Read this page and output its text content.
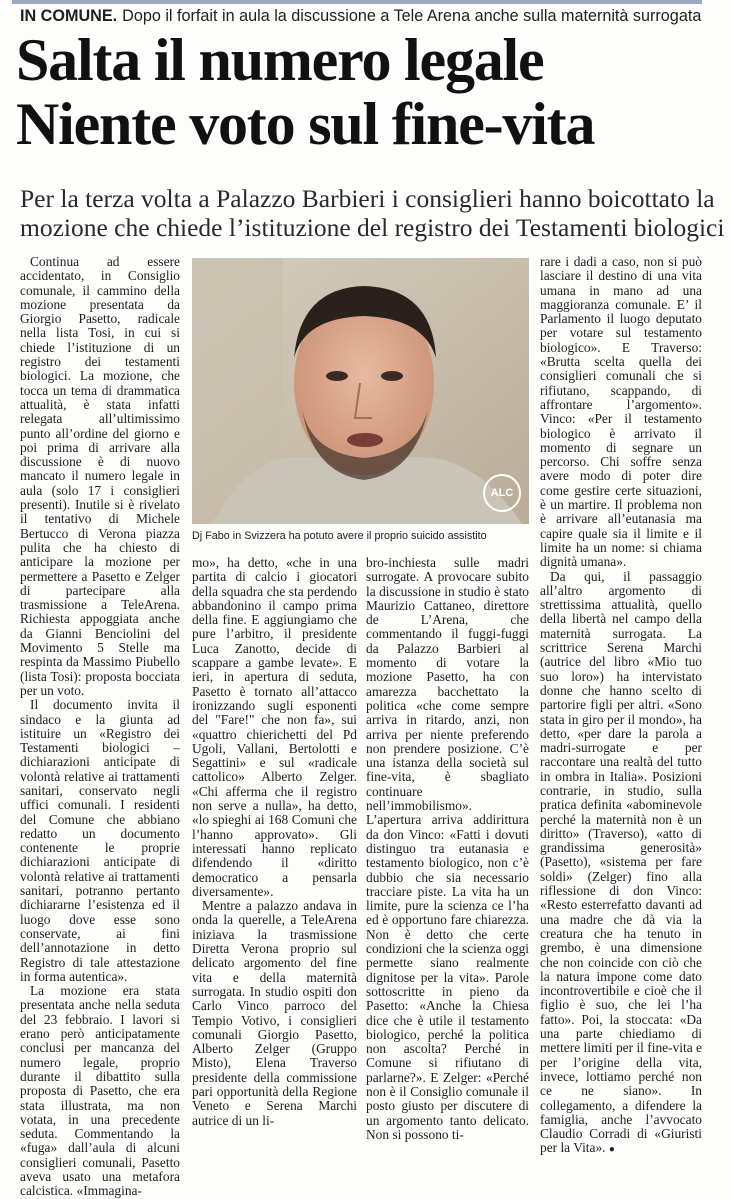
IN COMUNE. Dopo il forfait in aula la discussione a Tele Arena anche sulla maternità surrogata
Salta il numero legale
Niente voto sul fine-vita
Per la terza volta a Palazzo Barbieri i consiglieri hanno boicottato la
mozione che chiede l’istituzione del registro dei Testamenti biologici

Continua ad essere accidentato, in Consiglio comunale, il cammino della mozione presentata da Giorgio Pasetto, radicale nella lista Tosi, in cui si chiede l’istituzione di un registro dei testamenti biologici. La mozione, che tocca un tema di drammatica attualità, è stata infatti relegata all’ultimissimo punto all’ordine del giorno e poi prima di arrivare alla discussione è di nuovo mancato il numero legale in aula (solo 17 i consiglieri presenti). Inutile si è rivelato il tentativo di Michele Bertucco di Verona piazza pulita che ha chiesto di anticipare la mozione per permettere a Pasetto e Zelger di partecipare alla trasmissione a TeleArena. Richiesta appoggiata anche da Gianni Benciolini del Movimento 5 Stelle ma respinta da Massimo Piubello (lista Tosi): proposta bocciata per un voto.

Il documento invita il sindaco e la giunta ad istituire un «Registro dei Testamenti biologici – dichiarazioni anticipate di volontà relative ai trattamenti sanitari, conservato negli uffici comunali. I residenti del Comune che abbiano redatto un documento contenente le proprie dichiarazioni anticipate di volontà relative ai trattamenti sanitari, potranno pertanto dichiararne l’esistenza ed il luogo dove esse sono conservate, ai fini dell’annotazione in detto Registro di tale attestazione in forma autentica».

La mozione era stata presentata anche nella seduta del 23 febbraio. I lavori si erano però anticipatamente conclusi per mancanza del numero legale, proprio durante il dibattito sulla proposta di Pasetto, che era stata illustrata, ma non votata, in una precedente seduta. Commentando la «fuga» dall’aula di alcuni consiglieri comunali, Pasetto aveva usato una metafora calcistica. «Immagina-

ALC
Dj Fabo in Svizzera ha potuto avere il proprio suicido assistito

mo», ha detto, «che in una partita di calcio i giocatori della squadra che sta perdendo abbandonino il campo prima della fine. E aggiungiamo che pure l’arbitro, il presidente Luca Zanotto, decide di scappare a gambe levate». E ieri, in apertura di seduta, Pasetto è tornato all’attacco ironizzando sugli esponenti del "Fare!" che non fa», sui «quattro chierichetti del Pd Ugoli, Vallani, Bertolotti e Segattini» e sul «radicale cattolico» Alberto Zelger. «Chi afferma che il registro non serve a nulla», ha detto, «lo spieghi ai 168 Comuni che l’hanno approvato». Gli interessati hanno replicato difendendo il «diritto democratico a pensarla diversamente».

Mentre a palazzo andava in onda la querelle, a TeleArena iniziava la trasmissione Diretta Verona proprio sul delicato argomento del fine vita e della maternità surrogata. In studio ospiti don Carlo Vinco parroco del Tempio Votivo, i consiglieri comunali Giorgio Pasetto, Alberto Zelger (Gruppo Misto), Elena Traverso presidente della commissione pari opportunità della Regione Veneto e Serena Marchi autrice di un li-

bro-inchiesta sulle madri surrogate. A provocare subito la discussione in studio è stato Maurizio Cattaneo, direttore de L’Arena, che commentando il fuggi-fuggi da Palazzo Barbieri al momento di votare la mozione Pasetto, ha con amarezza bacchettato la politica «che come sempre arriva in ritardo, anzi, non arriva per niente preferendo non prendere posizione. C’è una istanza della società sul fine-vita, è sbagliato continuare nell’immobilismo». L’apertura arriva addirittura da don Vinco: «Fatti i dovuti distinguo tra eutanasia e testamento biologico, non c’è dubbio che sia necessario tracciare piste. La vita ha un limite, pure la scienza ce l’ha ed è opportuno fare chiarezza. Non è detto che certe condizioni che la scienza oggi permette siano realmente dignitose per la vita». Parole sottoscritte in pieno da Pasetto: «Anche la Chiesa dice che è utile il testamento biologico, perché la politica non ascolta? Perché in Comune si rifiutano di parlarne?». E Zelger: «Perché non è il Consiglio comunale il posto giusto per discutere di un argomento tanto delicato. Non si possono ti-

rare i dadi a caso, non si può lasciare il destino di una vita umana in mano ad una maggioranza comunale. E’ il Parlamento il luogo deputato per votare sul testamento biologico». E Traverso: «Brutta scelta quella dei consiglieri comunali che si rifiutano, scappando, di affrontare l’argomento». Vinco: «Per il testamento biologico è arrivato il momento di segnare un percorso. Chi soffre senza avere modo di poter dire come gestire certe situazioni, è un martire. Il problema non è arrivare all’eutanasia ma capire quale sia il limite e il limite ha un nome: si chiama dignità umana».

Da qui, il passaggio all’altro argomento di strettissima attualità, quello della libertà nel campo della maternità surrogata. La scrittrice Serena Marchi (autrice del libro «Mio tuo suo loro») ha intervistato donne che hanno scelto di partorire figli per altri. «Sono stata in giro per il mondo», ha detto, «per dare la parola a madri-surrogate e per raccontare una realtà del tutto in ombra in Italia». Posizioni contrarie, in studio, sulla pratica definita «abominevole perché la maternità non è un diritto» (Traverso), «atto di grandissima generosità» (Pasetto), «sistema per fare soldi» (Zelger) fino alla riflessione di don Vinco: «Resto esterrefatto davanti ad una madre che dà via la creatura che ha tenuto in grembo, è una dimensione che non coincide con ciò che la natura impone come dato incontrovertibile e cioè che il figlio è suo, che lei l’ha fatto». Poi, la stoccata: «Da una parte chiediamo di mettere limiti per il fine-vita e per l’origine della vita, invece, lottiamo perché non ce ne siano». In collegamento, a difendere la famiglia, anche l’avvocato Claudio Corradi di «Giuristi per la Vita». ●
